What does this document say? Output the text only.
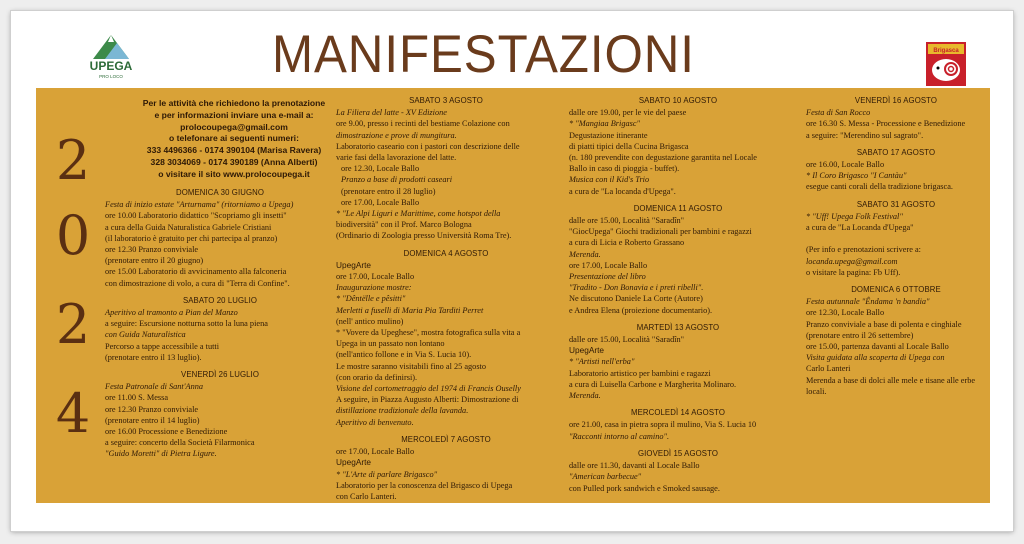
UPEGA
PRO LOCO	MANIFESTAZIONI	Brigasca
2
0
2
4

Per le attività che richiedono la prenotazione

e per informazioni inviare una e-mail a:

prolocoupega@gmail.com

o telefonare ai seguenti numeri:

333 4496366 - 0174 390104 (Marisa Ravera)

328 3034069 - 0174 390189 (Anna Alberti)

o visitare il sito www.prolocoupega.it

DOMENICA 30 GIUGNO

Festa di inizio estate "Arturnama" (ritorniamo a Upega)

ore 10.00 Laboratorio didattico "Scopriamo gli insetti"

a cura della Guida Naturalistica Gabriele Cristiani

(il laboratorio è gratuito per chi partecipa al pranzo)

ore 12.30 Pranzo conviviale

(prenotare entro il 20 giugno)

ore 15.00 Laboratorio di avvicinamento alla falconeria

con dimostrazione di volo, a cura di "Terra di Confine".

SABATO 20 LUGLIO

Aperitivo al tramonto a Pian del Manzo

a seguire: Escursione notturna sotto la luna piena

con Guida Naturalistica

Percorso a tappe accessibile a tutti

(prenotare entro il 13 luglio).

VENERDÌ 26 LUGLIO

Festa Patronale di Sant'Anna

ore 11.00 S. Messa

ore 12.30 Pranzo conviviale

(prenotare entro il 14 luglio)

ore 16.00 Processione e Benedizione

a seguire: concerto della Società Filarmonica

"Guido Moretti" di Pietra Ligure.

SABATO 3 AGOSTO

La Filiera del latte - XV Edizione

ore 9.00, presso i recinti del bestiame Colazione con

dimostrazione e prove di mungitura.

Laboratorio caseario con i pastori con descrizione delle

varie fasi della lavorazione del latte.

ore 12.30, Locale Ballo

Pranzo a base di prodotti caseari

(prenotare entro il 28 luglio)

ore 17.00, Locale Ballo

* "Le Alpi Liguri e Marittime, come hotspot della

biodiversità" con il Prof. Marco Bologna

(Ordinario di Zoologia presso Università Roma Tre).

DOMENICA 4 AGOSTO

UpegArte

ore 17.00, Locale Ballo

Inaugurazione mostre:

* "Dêntëlle e pêsitti"

Merletti a fuselli di Maria Pia Tarditi Perret

(nell' antico mulino)

* "Vovere da Upeghese", mostra fotografica sulla vita a

Upega in un passato non lontano

(nell'antico follone e in Via S. Lucia 10).

Le mostre saranno visitabili fino al 25 agosto

(con orario da definirsi).

Visione del cortometraggio del 1974 di Francis Ouselly

A seguire, in Piazza Augusto Alberti: Dimostrazione di

distillazione tradizionale della lavanda.

Aperitivo di benvenuto.

MERCOLEDÌ 7 AGOSTO

ore 17.00, Locale Ballo

UpegArte

* "L'Arte di parlare Brigasco"

Laboratorio per la conoscenza del Brigasco di Upega

con Carlo Lanteri.

SABATO 10 AGOSTO

dalle ore 19.00, per le vie del paese

* "Mangiaa Brigasc"

Degustazione itinerante

di piatti tipici della Cucina Brigasca

(n. 180 prevendite con degustazione garantita nel Locale

Ballo in caso di pioggia - buffet).

Musica con il Kid's Trio

a cura de "La locanda d'Upega".

DOMENICA 11 AGOSTO

dalle ore 15.00, Località "Saradîn"

"GiocUpega" Giochi tradizionali per bambini e ragazzi

a cura di Licia e Roberto Grassano

Merenda.

ore 17.00, Locale Ballo

Presentazione del libro

"Tradito - Don Bonavia e i preti ribelli".

Ne discutono Daniele La Corte (Autore)

e Andrea Elena (proiezione documentario).

MARTEDÌ 13 AGOSTO

dalle ore 15.00, Località "Saradîn"

UpegArte

* "Artisti nell'erba"

Laboratorio artistico per bambini e ragazzi

a cura di Luisella Carbone e Margherita Molinaro.

Merenda.

MERCOLEDÌ 14 AGOSTO

ore 21.00, casa in pietra sopra il mulino, Via S. Lucia 10

"Racconti intorno al camino".

GIOVEDÌ 15 AGOSTO

dalle ore 11.30, davanti al Locale Ballo

"American barbecue"

con Pulled pork sandwich e Smoked sausage.

VENERDÌ 16 AGOSTO

Festa di San Rocco

ore 16.30 S. Messa - Processione e Benedizione

a seguire: "Merendino sul sagrato".

SABATO 17 AGOSTO

ore 16.00, Locale Ballo

* Il Coro Brigasco "I Cantàu"

esegue canti corali della tradizione brigasca.

SABATO 31 AGOSTO

* "Uff! Upega Folk Festival"

a cura de "La Locanda d'Upega"

(Per info e prenotazioni scrivere a:

locanda.upega@gmail.com

o visitare la pagina: Fb Uff).

DOMENICA 6 OTTOBRE

Festa autunnale "Êndama 'n bandia"

ore 12.30, Locale Ballo

Pranzo conviviale a base di polenta e cinghiale

(prenotare entro il 26 settembre)

ore 15.00, partenza davanti al Locale Ballo

Visita guidata alla scoperta di Upega con

Carlo Lanteri

Merenda a base di dolci alle mele e tisane alle erbe

locali.
